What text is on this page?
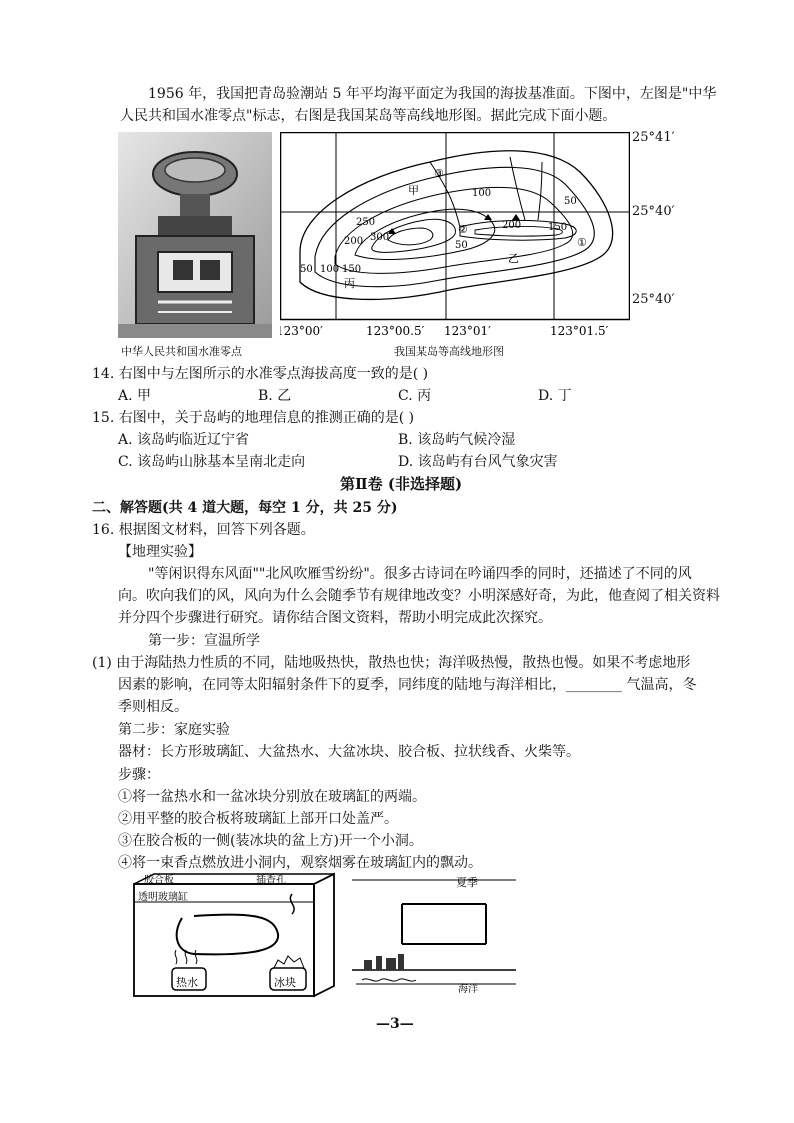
1956 年，我国把青岛验潮站 5 年平均海平面定为我国的海拔基准面。下图中，左图是"中华
人民共和国水准零点"标志，右图是我国某岛等高线地形图。据此完成下面小题。
中华人民共和国水准零点
③
100
50
甲
250
200 300
50
200	150
②
①
乙
50 100 150
丙
123°00′	123°00.5′ 123°01′	123°01.5′
25°41′
25°40′
25°40′
我国某岛等高线地形图
14. 右图中与左图所示的水准零点海拔高度一致的是( )
A. 甲	B. 乙	C. 丙	D. 丁
15. 右图中，关于岛屿的地理信息的推测正确的是( )
A. 该岛屿临近辽宁省	B. 该岛屿气候冷湿
C. 该岛屿山脉基本呈南北走向	D. 该岛屿有台风气象灾害
第Ⅱ卷 (非选择题)
二、解答题(共 4 道大题，每空 1 分，共 25 分)
16. 根据图文材料，回答下列各题。
【地理实验】
"等闲识得东风面""北风吹雁雪纷纷"。很多古诗词在吟诵四季的同时，还描述了不同的风
向。吹向我们的风，风向为什么会随季节有规律地改变？小明深感好奇，为此，他查阅了相关资料
并分四个步骤进行研究。请你结合图文资料，帮助小明完成此次探究。
第一步：宣温所学
(1) 由于海陆热力性质的不同，陆地吸热快，散热也快；海洋吸热慢，散热也慢。如果不考虑地形
因素的影响，在同等太阳辐射条件下的夏季，同纬度的陆地与海洋相比，________ 气温高，冬
季则相反。
第二步：家庭实验
器材：长方形玻璃缸、大盆热水、大盆冰块、胶合板、拉状线香、火柴等。
步骤：
①将一盆热水和一盆冰块分别放在玻璃缸的两端。
②用平整的胶合板将玻璃缸上部开口处盖严。
③在胶合板的一侧(装冰块的盆上方)开一个小洞。
④将一束香点燃放进小洞内，观察烟雾在玻璃缸内的飘动。
胶合板	插香孔
透明玻璃缸
热水	冰块
夏季
海洋
—3—
